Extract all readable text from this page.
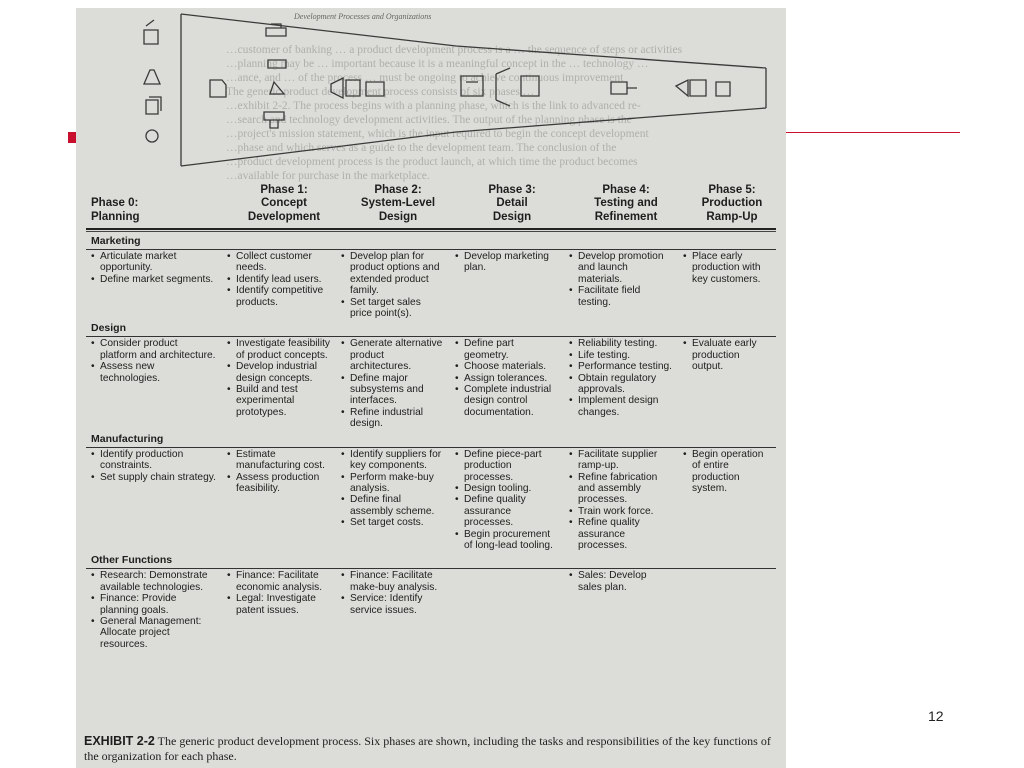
12
Development Processes and Organizations
…customer of banking … a product development process is a … the sequence of steps or activities
…planning may be … important because it is a meaningful concept in the … technology …
…ance, and … of the process … must be ongoing to achieve continuous improvement
The generic product development process consists of six phases …
…exhibit 2-2. The process begins with a planning phase, which is the link to advanced re-
…search and technology development activities. The output of the planning phase is the
…project's mission statement, which is the input required to begin the concept development
…phase and which serves as a guide to the development team. The conclusion of the
…product development process is the product launch, at which time the product becomes
…available for purchase in the marketplace.
Phase 0:
Planning
Phase 1:
Concept
Development
Phase 2:
System-Level
Design
Phase 3:
Detail
Design
Phase 4:
Testing and
Refinement
Phase 5:
Production
Ramp-Up
Marketing
• Articulate market opportunity.
• Define market segments.
• Collect customer needs.
• Identify lead users.
• Identify competitive products.
• Develop plan for product options and extended product family.
• Set target sales price point(s).
• Develop marketing plan.
• Develop promotion and launch materials.
• Facilitate field testing.
• Place early production with key customers.
Design
• Consider product platform and architecture.
• Assess new technologies.
• Investigate feasibility of product concepts.
• Develop industrial design concepts.
• Build and test experimental prototypes.
• Generate alternative product architectures.
• Define major subsystems and interfaces.
• Refine industrial design.
• Define part geometry.
• Choose materials.
• Assign tolerances.
• Complete industrial design control documentation.
• Reliability testing.
• Life testing.
• Performance testing.
• Obtain regulatory approvals.
• Implement design changes.
• Evaluate early production output.
Manufacturing
• Identify production constraints.
• Set supply chain strategy.
• Estimate manufacturing cost.
• Assess production feasibility.
• Identify suppliers for key components.
• Perform make-buy analysis.
• Define final assembly scheme.
• Set target costs.
• Define piece-part production processes.
• Design tooling.
• Define quality assurance processes.
• Begin procurement of long-lead tooling.
• Facilitate supplier ramp-up.
• Refine fabrication and assembly processes.
• Train work force.
• Refine quality assurance processes.
• Begin operation of entire production system.
Other Functions
• Research: Demonstrate available technologies.
• Finance: Provide planning goals.
• General Management: Allocate project resources.
• Finance: Facilitate economic analysis.
• Legal: Investigate patent issues.
• Finance: Facilitate make-buy analysis.
• Service: Identify service issues.
• Sales: Develop sales plan.
EXHIBIT 2-2 The generic product development process. Six phases are shown, including the tasks and responsibilities of the key functions of the organization for each phase.
